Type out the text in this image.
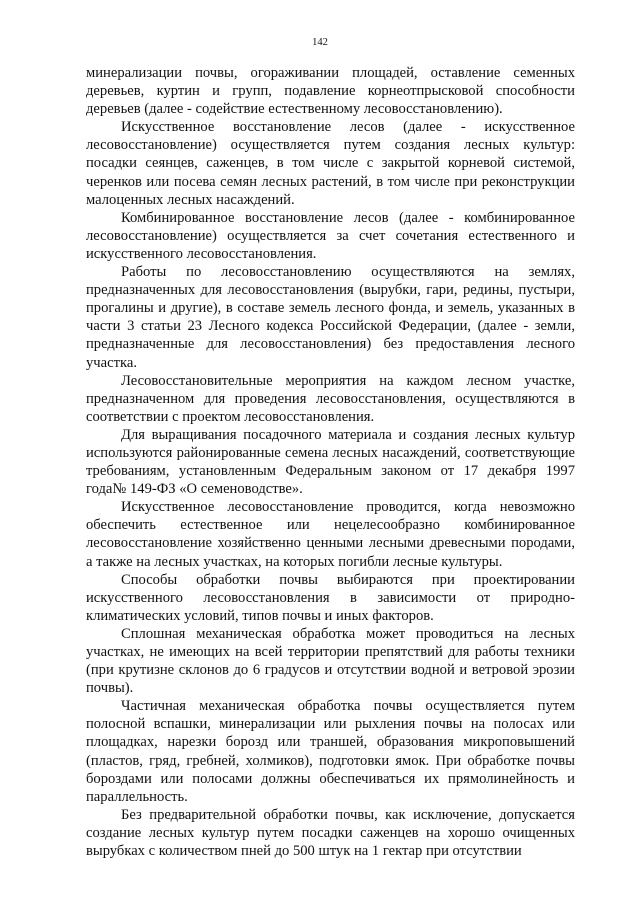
142

минерализации почвы, огораживании площадей, оставление семенных деревьев, куртин и групп, подавление корнеотпрысковой способности деревьев (далее - содействие естественному лесовосстановлению).

Искусственное восстановление лесов (далее - искусственное лесовосстановление) осуществляется путем создания лесных культур: посадки сеянцев, саженцев, в том числе с закрытой корневой системой, черенков или посева семян лесных растений, в том числе при реконструкции малоценных лесных насаждений.

Комбинированное восстановление лесов (далее - комбинированное лесовосстановление) осуществляется за счет сочетания естественного и искусственного лесовосстановления.

Работы по лесовосстановлению осуществляются на землях, предназначенных для лесовосстановления (вырубки, гари, редины, пустыри, прогалины и другие), в составе земель лесного фонда, и земель, указанных в части 3 статьи 23 Лесного кодекса Российской Федерации, (далее - земли, предназначенные для лесовосстановления) без предоставления лесного участка.

Лесовосстановительные мероприятия на каждом лесном участке, предназначенном для проведения лесовосстановления, осуществляются в соответствии с проектом лесовосстановления.

Для выращивания посадочного материала и создания лесных культур используются районированные семена лесных насаждений, соответствующие требованиям, установленным Федеральным законом от 17 декабря 1997 года№ 149-ФЗ «О семеноводстве».

Искусственное лесовосстановление проводится, когда невозможно обеспечить естественное или нецелесообразно комбинированное лесовосстановление хозяйственно ценными лесными древесными породами, а также на лесных участках, на которых погибли лесные культуры.

Способы обработки почвы выбираются при проектировании искусственного лесовосстановления в зависимости от природно-климатических условий, типов почвы и иных факторов.

Сплошная механическая обработка может проводиться на лесных участках, не имеющих на всей территории препятствий для работы техники (при крутизне склонов до 6 градусов и отсутствии водной и ветровой эрозии почвы).

Частичная механическая обработка почвы осуществляется путем полосной вспашки, минерализации или рыхления почвы на полосах или площадках, нарезки борозд или траншей, образования микроповышений (пластов, гряд, гребней, холмиков), подготовки ямок. При обработке почвы бороздами или полосами должны обеспечиваться их прямолинейность и параллельность.

Без предварительной обработки почвы, как исключение, допускается создание лесных культур путем посадки саженцев на хорошо очищенных вырубках с количеством пней до 500 штук на 1 гектар при отсутствии
